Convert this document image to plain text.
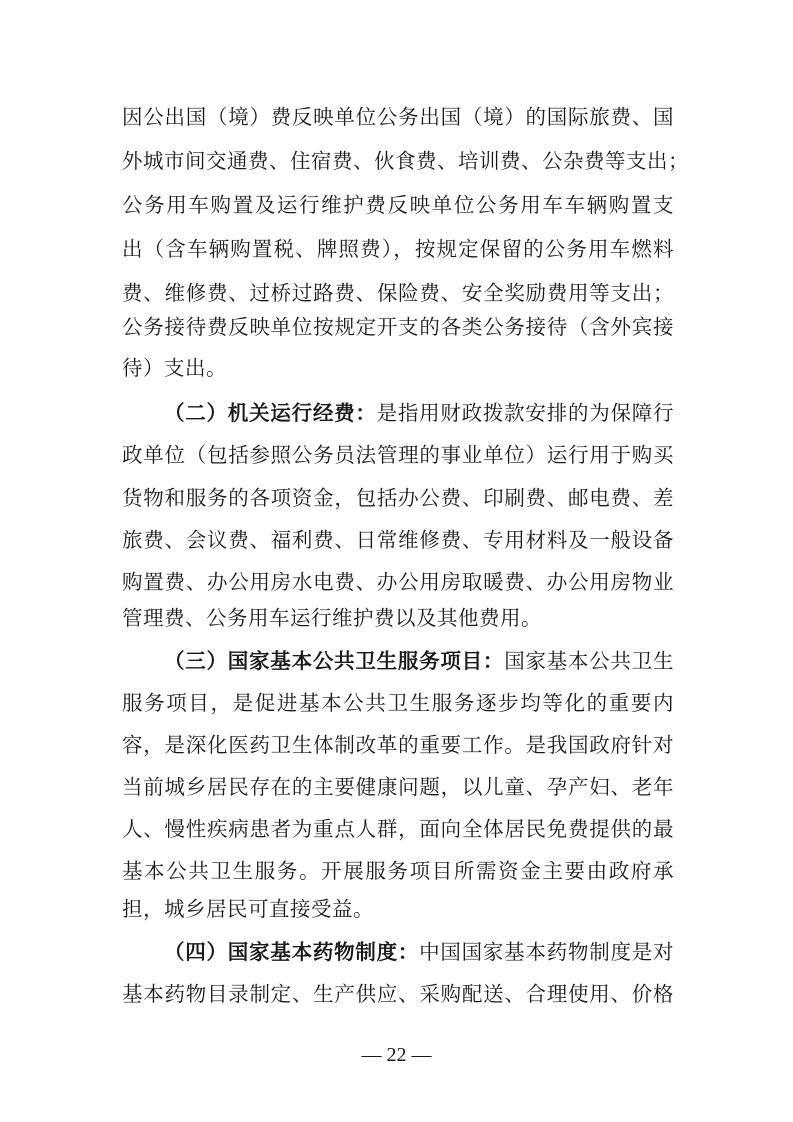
因公出国（境）费反映单位公务出国（境）的国际旅费、国
外城市间交通费、住宿费、伙食费、培训费、公杂费等支出；
公务用车购置及运行维护费反映单位公务用车车辆购置支
出（含车辆购置税、牌照费），按规定保留的公务用车燃料
费、维修费、过桥过路费、保险费、安全奖励费用等支出；
公务接待费反映单位按规定开支的各类公务接待（含外宾接
待）支出。
（二）机关运行经费：是指用财政拨款安排的为保障行
政单位（包括参照公务员法管理的事业单位）运行用于购买
货物和服务的各项资金，包括办公费、印刷费、邮电费、差
旅费、会议费、福利费、日常维修费、专用材料及一般设备
购置费、办公用房水电费、办公用房取暖费、办公用房物业
管理费、公务用车运行维护费以及其他费用。
（三）国家基本公共卫生服务项目：国家基本公共卫生
服务项目，是促进基本公共卫生服务逐步均等化的重要内
容，是深化医药卫生体制改革的重要工作。是我国政府针对
当前城乡居民存在的主要健康问题，以儿童、孕产妇、老年
人、慢性疾病患者为重点人群，面向全体居民免费提供的最
基本公共卫生服务。开展服务项目所需资金主要由政府承
担，城乡居民可直接受益。
（四）国家基本药物制度：中国国家基本药物制度是对
基本药物目录制定、生产供应、采购配送、合理使用、价格
— 22 —
